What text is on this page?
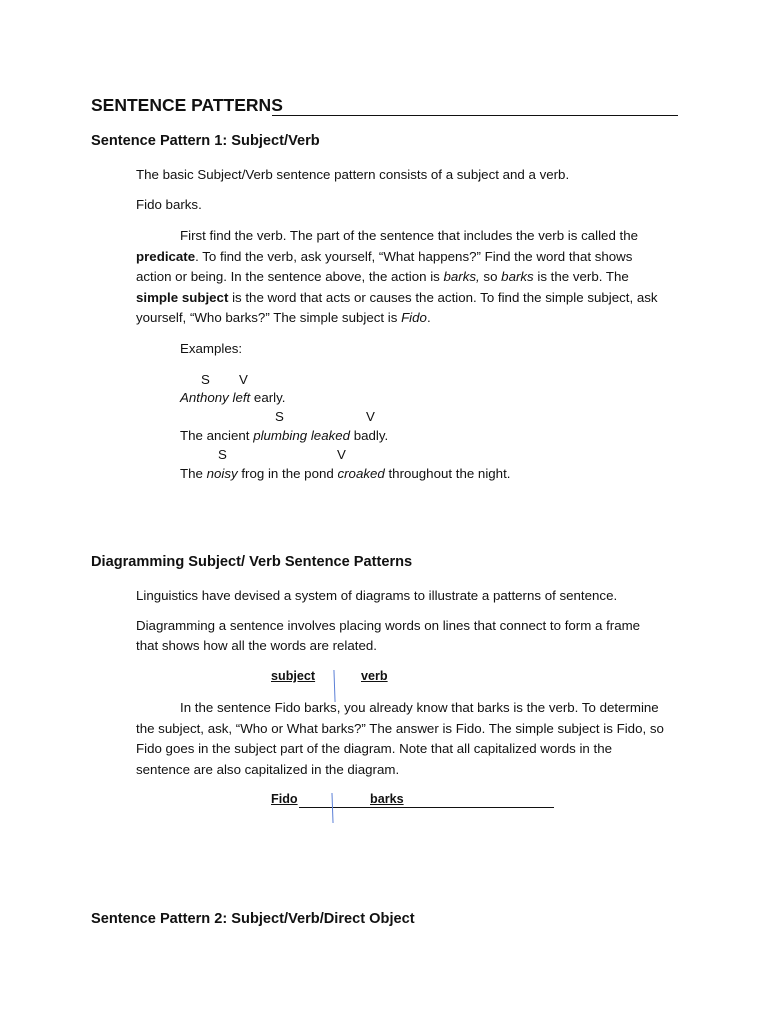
SENTENCE PATTERNS
Sentence Pattern 1: Subject/Verb
The basic Subject/Verb sentence pattern consists of a subject and a verb.
Fido barks.
First find the verb. The part of the sentence that includes the verb is called the predicate. To find the verb, ask yourself, “What happens?” Find the word that shows action or being. In the sentence above, the action is barks, so barks is the verb. The simple subject is the word that acts or causes the action. To find the simple subject, ask yourself, “Who barks?” The simple subject is Fido.
Examples:
S V
Anthony left early.
S	V
The ancient plumbing leaked badly.
S	V
The noisy frog in the pond croaked throughout the night.
Diagramming Subject/ Verb Sentence Patterns
Linguistics have devised a system of diagrams to illustrate a patterns of sentence.
Diagramming a sentence involves placing words on lines that connect to form a frame
that shows how all the words are related.
subject	verb
In the sentence Fido barks, you already know that barks is the verb. To determine the subject, ask, “Who or What barks?” The answer is Fido. The simple subject is Fido, so Fido goes in the subject part of the diagram. Note that all capitalized words in the sentence are also capitalized in the diagram.
Fido	barks
Sentence Pattern 2: Subject/Verb/Direct Object
